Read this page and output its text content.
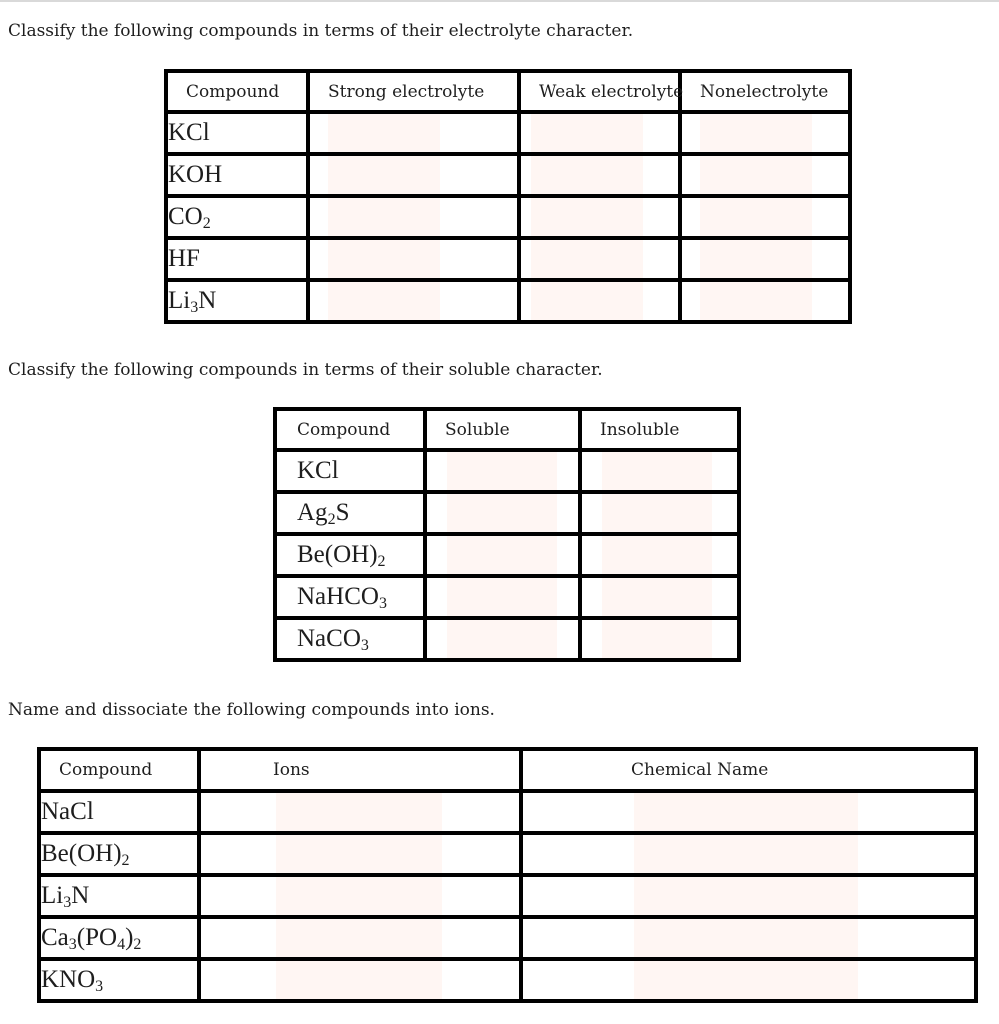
Classify the following compounds in terms of their electrolyte character.
Compound	Strong electrolyte	Weak electrolyte	Nonelectrolyte
KCl	

KOH	

$CO_2$	

HF	

$Li_3N$	

Classify the following compounds in terms of their soluble character.
Compound	Soluble	Insoluble
KCl	

$Ag_2S$	

$Be(OH)_2$	

NaHCO$_3$	

NaCO$_3$	

Name and dissociate the following compounds into ions.
Compound	Ions	Chemical Name
NaCl	

$Be(OH)_2$	

$Li_3N$	

$Ca_3(PO_4)_2$	

$KNO_3$	
